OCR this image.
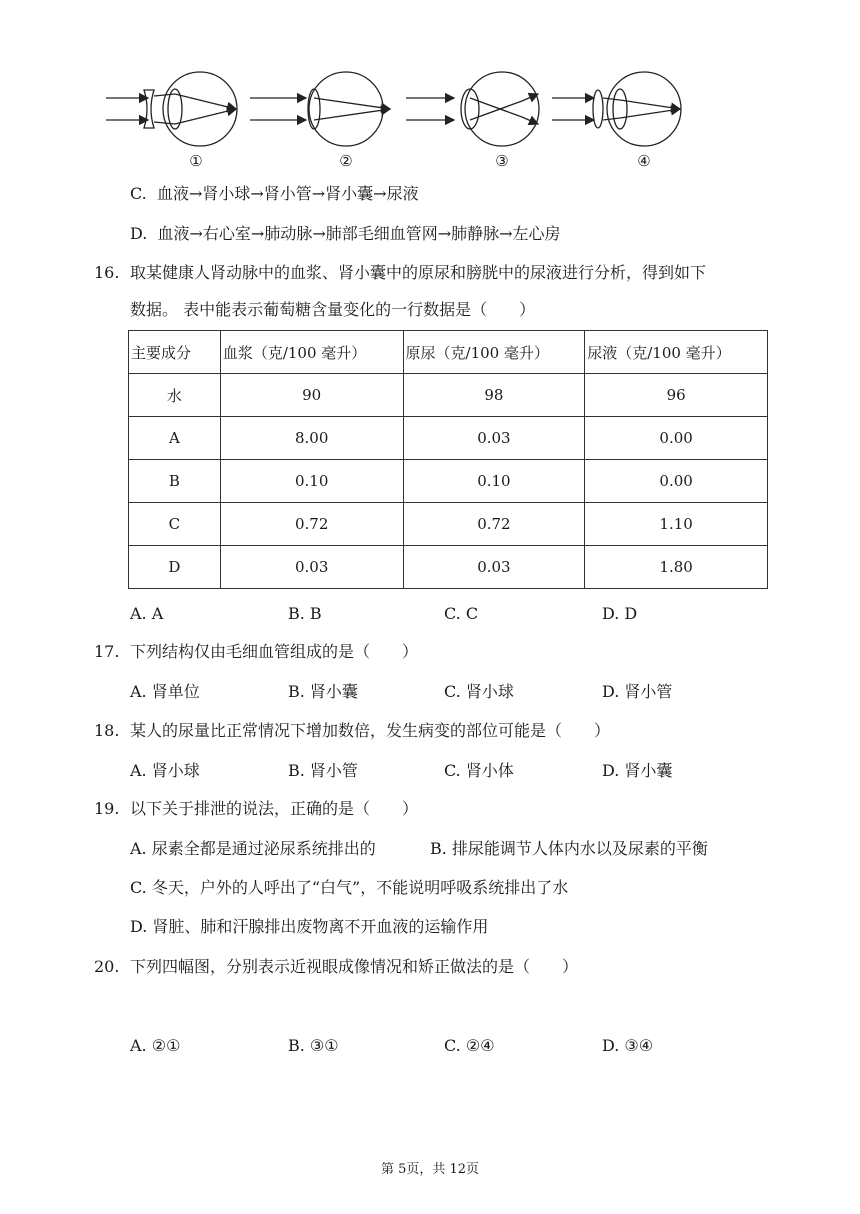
①	②	③	④
C. 血液→肾小球→肾小管→肾小囊→尿液
D. 血液→右心室→肺动脉→肺部毛细血管网→肺静脉→左心房
16. 取某健康人肾动脉中的血浆、肾小囊中的原尿和膀胱中的尿液进行分析，得到如下
数据。 表中能表示葡萄糖含量变化的一行数据是（　　）
主要成分	血浆（克/100 毫升）	原尿（克/100 毫升）	尿液（克/100 毫升）
水	90	98	96
A	8.00	0.03	0.00
B	0.10	0.10	0.00
C	0.72	0.72	1.10
D	0.03	0.03	1.80
A. A	B. B	C. C	D. D
17. 下列结构仅由毛细血管组成的是（　　）
A. 肾单位	B. 肾小囊	C. 肾小球	D. 肾小管
18. 某人的尿量比正常情况下增加数倍，发生病变的部位可能是（　　）
A. 肾小球	B. 肾小管	C. 肾小体	D. 肾小囊
19. 以下关于排泄的说法，正确的是（　　）
A. 尿素全都是通过泌尿系统排出的	B. 排尿能调节人体内水以及尿素的平衡
C. 冬天，户外的人呼出了“白气”，不能说明呼吸系统排出了水
D. 肾脏、肺和汗腺排出废物离不开血液的运输作用
20. 下列四幅图，分别表示近视眼成像情况和矫正做法的是（　　）
A. ②①	B. ③①	C. ②④	D. ③④
第 5页，共 12页
